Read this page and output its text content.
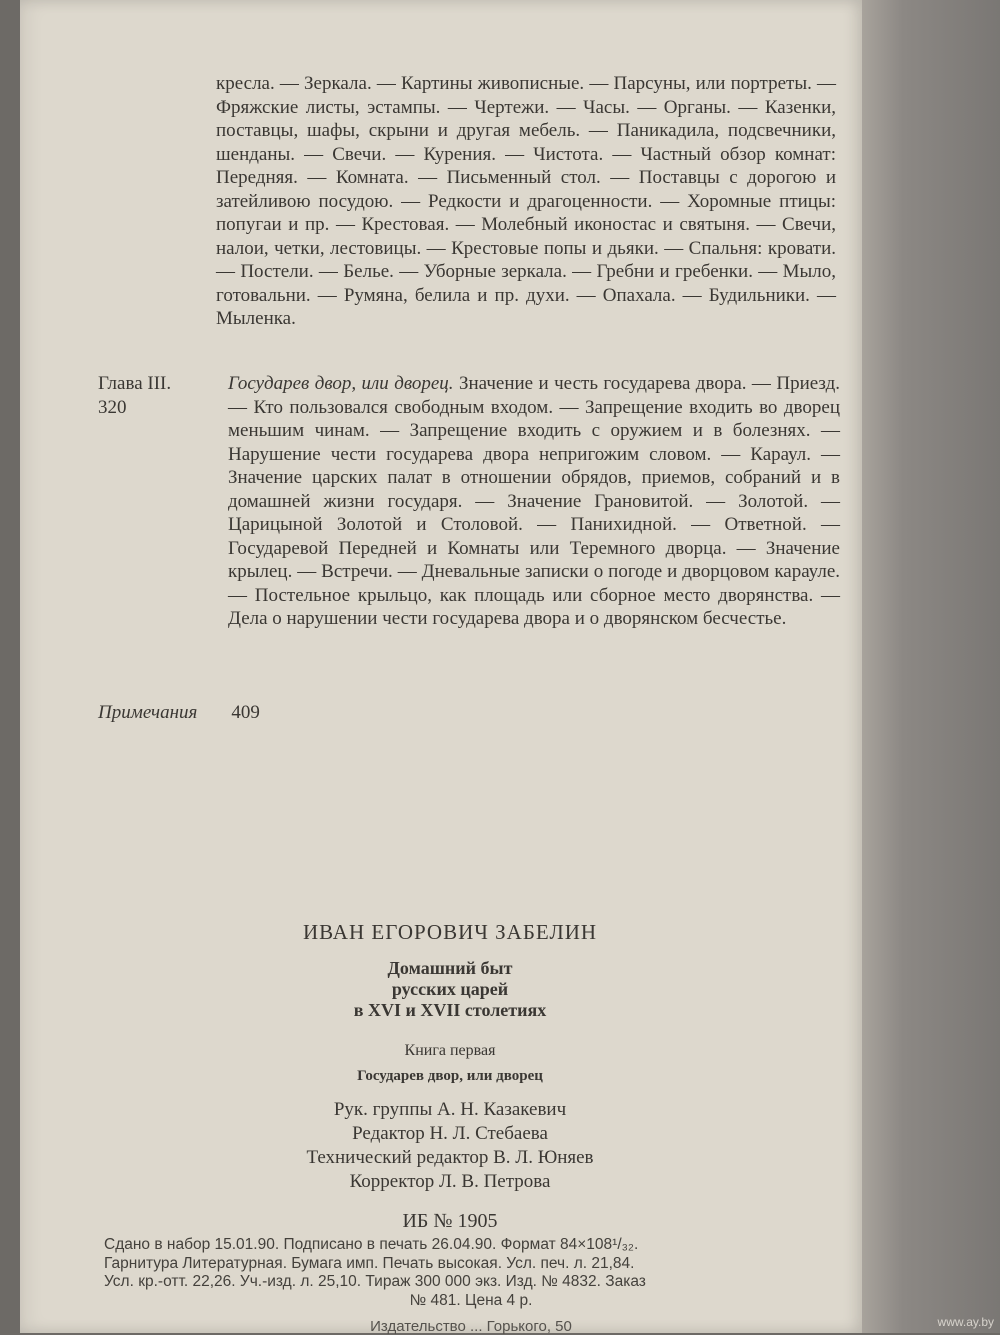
кресла. — Зеркала. — Картины живописные. — Парсуны, или портреты. — Фряжские листы, эстампы. — Чертежи. — Часы. — Органы. — Казенки, поставцы, шафы, скрыни и другая мебель. — Паникадила, подсвечники, шенданы. — Свечи. — Курения. — Чистота. — Частный обзор комнат: Передняя. — Комната. — Письменный стол. — Поставцы с дорогою и затейливою посудою. — Редкости и драгоценности. — Хоромные птицы: попугаи и пр. — Крестовая. — Молебный иконостас и святыня. — Свечи, налои, четки, лестовицы. — Крестовые попы и дьяки. — Спальня: кровати. — Постели. — Белье. — Уборные зеркала. — Гребни и гребенки. — Мыло, готовальни. — Румяна, белила и пр. духи. — Опахала. — Будильники. — Мыленка.

Глава III.
320

Государев двор, или дворец. Значение и честь государева двора. — Приезд. — Кто пользовался свободным входом. — Запрещение входить во дворец меньшим чинам. — Запрещение входить с оружием и в болезнях. — Нарушение чести государева двора непригожим словом. — Караул. — Значение царских палат в отношении обрядов, приемов, собраний и в домашней жизни государя. — Значение Грановитой. — Золотой. — Царицыной Золотой и Столовой. — Панихидной. — Ответной. — Государевой Передней и Комнаты или Теремного дворца. — Значение крылец. — Встречи. — Дневальные записки о погоде и дворцовом карауле. — Постельное крыльцо, как площадь или сборное место дворянства. — Дела о нарушении чести государева двора и о дворянском бесчестье.

Примечания 409
ИВАН ЕГОРОВИЧ ЗАБЕЛИН
Домашний быт
русских царей
в XVI и XVII столетиях
Книга первая
Государев двор, или дворец
Рук. группы А. Н. Казакевич
Редактор Н. Л. Стебаева
Технический редактор В. Л. Юняев
Корректор Л. В. Петрова
ИБ № 1905

Сдано в набор 15.01.90. Подписано в печать 26.04.90. Формат 84×108¹/₃₂.

Гарнитура Литературная. Бумага имп. Печать высокая. Усл. печ. л. 21,84.

Усл. кр.-отт. 22,26. Уч.-изд. л. 25,10. Тираж 300 000 экз. Изд. № 4832. Заказ

№ 481. Цена 4 р.

Издательство ... Горького, 50	www.ay.by
